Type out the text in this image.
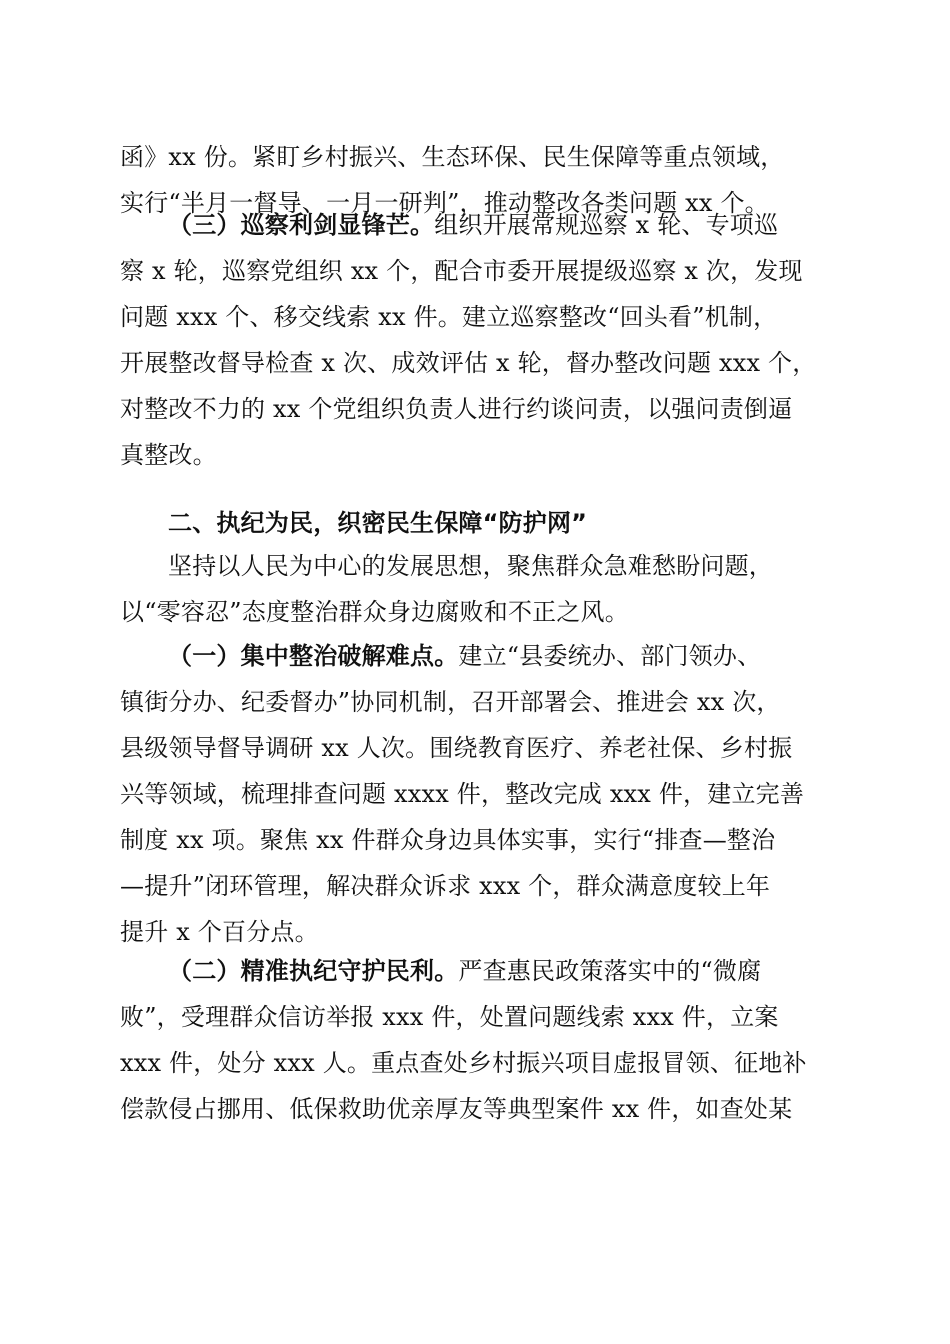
函》xx 份。紧盯乡村振兴、生态环保、民生保障等重点领域，
实行“半月一督导、一月一研判”，推动整改各类问题 xx 个。
（三）巡察利剑显锋芒。组织开展常规巡察 x 轮、专项巡
察 x 轮，巡察党组织 xx 个，配合市委开展提级巡察 x 次，发现
问题 xxx 个、移交线索 xx 件。建立巡察整改“回头看”机制，
开展整改督导检查 x 次、成效评估 x 轮，督办整改问题 xxx 个，
对整改不力的 xx 个党组织负责人进行约谈问责，以强问责倒逼
真整改。
二、执纪为民，织密民生保障“防护网”
坚持以人民为中心的发展思想，聚焦群众急难愁盼问题，
以“零容忍”态度整治群众身边腐败和不正之风。
（一）集中整治破解难点。建立“县委统办、部门领办、
镇街分办、纪委督办”协同机制，召开部署会、推进会 xx 次，
县级领导督导调研 xx 人次。围绕教育医疗、养老社保、乡村振
兴等领域，梳理排查问题 xxxx 件，整改完成 xxx 件，建立完善
制度 xx 项。聚焦 xx 件群众身边具体实事，实行“排查—整治
—提升”闭环管理，解决群众诉求 xxx 个，群众满意度较上年
提升 x 个百分点。
（二）精准执纪守护民利。严查惠民政策落实中的“微腐
败”，受理群众信访举报 xxx 件，处置问题线索 xxx 件，立案
xxx 件，处分 xxx 人。重点查处乡村振兴项目虚报冒领、征地补
偿款侵占挪用、低保救助优亲厚友等典型案件 xx 件，如查处某
